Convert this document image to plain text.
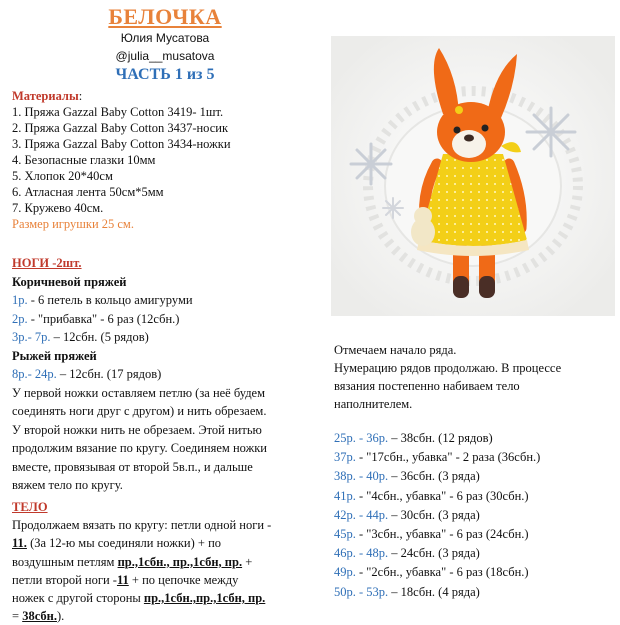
БЕЛОЧКА
Юлия Мусатова
@julia__musatova
ЧАСТЬ 1 из 5
Материалы:
1. Пряжа Gazzal Baby Cotton 3419- 1шт.
2. Пряжа Gazzal Baby Cotton 3437-носик
3. Пряжа Gazzal Baby Cotton 3434-ножки
4. Безопасные глазки 10мм
5. Хлопок 20*40см
6. Атласная лента 50см*5мм
7. Кружево 40см.
Размер игрушки 25 см.
НОГИ -2шт.
Коричневой пряжей
1р. - 6 петель в кольцо амигуруми
2р. - "прибавка" - 6 раз (12сбн.)
3р.- 7р. – 12сбн. (5 рядов)
Рыжей пряжей
8р.- 24р. – 12сбн. (17 рядов)
У первой ножки оставляем петлю (за неё будем
соединять ноги друг с другом) и нить обрезаем.
У второй ножки нить не обрезаем. Этой нитью
продолжим вязание по кругу. Соединяем ножки
вместе, провязывая от второй 5в.п., и дальше
вяжем тело по кругу.
ТЕЛО
Продолжаем вязать по кругу: петли одной ноги -
11. (За 12-ю мы соединяли ножки) + по
воздушным петлям пр.,1сбн., пр.,1сбн, пр. +
петли второй ноги -11 + по цепочке между
ножек с другой стороны пр.,1сбн.,пр.,1сбн, пр.
= 38сбн.).
Отмечаем начало ряда.
Нумерацию рядов продолжаю. В процессе
вязания постепенно набиваем тело
наполнителем.
25р. - 36р. – 38сбн. (12 рядов)
37р. - "17сбн., убавка" - 2 раза (36сбн.)
38р. - 40р. – 36сбн. (3 ряда)
41р. - "4сбн., убавка" - 6 раз (30сбн.)
42р. - 44р. – 30сбн. (3 ряда)
45р. - "3сбн., убавка" - 6 раз (24сбн.)
46р. - 48р. – 24сбн. (3 ряда)
49р. - "2сбн., убавка" - 6 раз (18сбн.)
50р. - 53р. – 18сбн. (4 ряда)
